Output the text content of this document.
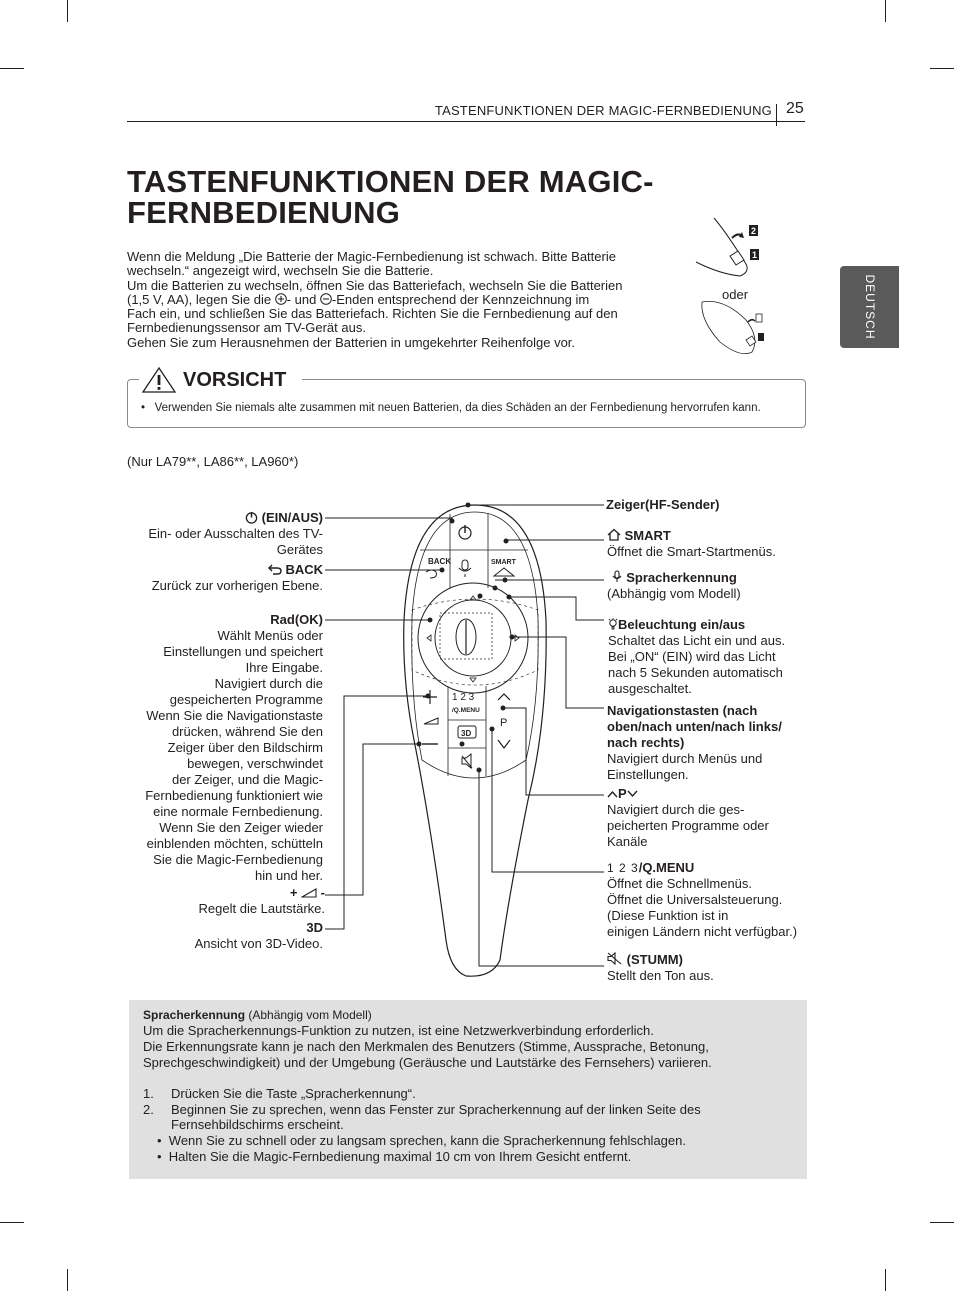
TASTENFUNKTIONEN DER MAGIC-FERNBEDIENUNG 25
DEUTSCH
TASTENFUNKTIONEN DER MAGIC-
FERNBEDIENUNG
Wenn die Meldung „Die Batterie der Magic-Fernbedienung ist schwach. Bitte Batterie
wechseln.“ angezeigt wird, wechseln Sie die Batterie.
Um die Batterien zu wechseln, öffnen Sie das Batteriefach, wechseln Sie die Batterien
(1,5 V, AA), legen Sie die - und -Enden entsprechend der Kennzeichnung im
Fach ein, und schließen Sie das Batteriefach. Richten Sie die Fernbedienung auf den
Fernbedienungssensor am TV-Gerät aus.
Gehen Sie zum Herausnehmen der Batterien in umgekehrter Reihenfolge vor.
2
1
oder
VORSICHT
•   Verwenden Sie niemals alte zusammen mit neuen Batterien, da dies Schäden an der Fernbedienung hervorrufen kann.
(Nur LA79**, LA86**, LA960*)
BACK	SMART
1 2 3
/Q.MENU
3D
P
(EIN/AUS)
Ein- oder Ausschalten des TV-
Gerätes
BACK
Zurück zur vorherigen Ebene.
Rad(OK)
Wählt Menüs oder
Einstellungen und speichert
Ihre Eingabe.
Navigiert durch die
gespeicherten Programme
Wenn Sie die Navigationstaste
drücken, während Sie den
Zeiger über den Bildschirm
bewegen, verschwindet
der Zeiger, und die Magic-
Fernbedienung funktioniert wie
eine normale Fernbedienung.
Wenn Sie den Zeiger wieder
einblenden möchten, schütteln
Sie die Magic-Fernbedienung
hin und her.
+ -
Regelt die Lautstärke.
3D
Ansicht von 3D-Video.
Zeiger(HF-Sender)
SMART
Öffnet die Smart-Startmenüs.
Spracherkennung
(Abhängig vom Modell)
Beleuchtung ein/aus
Schaltet das Licht ein und aus.
Bei „ON“ (EIN) wird das Licht
nach 5 Sekunden automatisch
ausgeschaltet.
Navigationstasten (nach
oben/nach unten/nach links/
nach rechts)
Navigiert durch Menüs und
Einstellungen.
P
Navigiert durch die ges-
peicherten Programme oder
Kanäle
1 2 3/Q.MENU
Öffnet die Schnellmenüs.
Öffnet die Universalsteuerung.
(Diese Funktion ist in
einigen Ländern nicht verfügbar.)
(STUMM)
Stellt den Ton aus.
Spracherkennung (Abhängig vom Modell)
Um die Spracherkennungs-Funktion zu nutzen, ist eine Netzwerkverbindung erforderlich.
Die Erkennungsrate kann je nach den Merkmalen des Benutzers (Stimme, Aussprache, Betonung,
Sprechgeschwindigkeit) und der Umgebung (Geräusche und Lautstärke des Fernsehers) variieren.
1. Drücken Sie die Taste „Spracherkennung“.
2. Beginnen Sie zu sprechen, wenn das Fenster zur Spracherkennung auf der linken Seite des
Fernsehbildschirms erscheint.
•  Wenn Sie zu schnell oder zu langsam sprechen, kann die Spracherkennung fehlschlagen.
•  Halten Sie die Magic-Fernbedienung maximal 10 cm von Ihrem Gesicht entfernt.
